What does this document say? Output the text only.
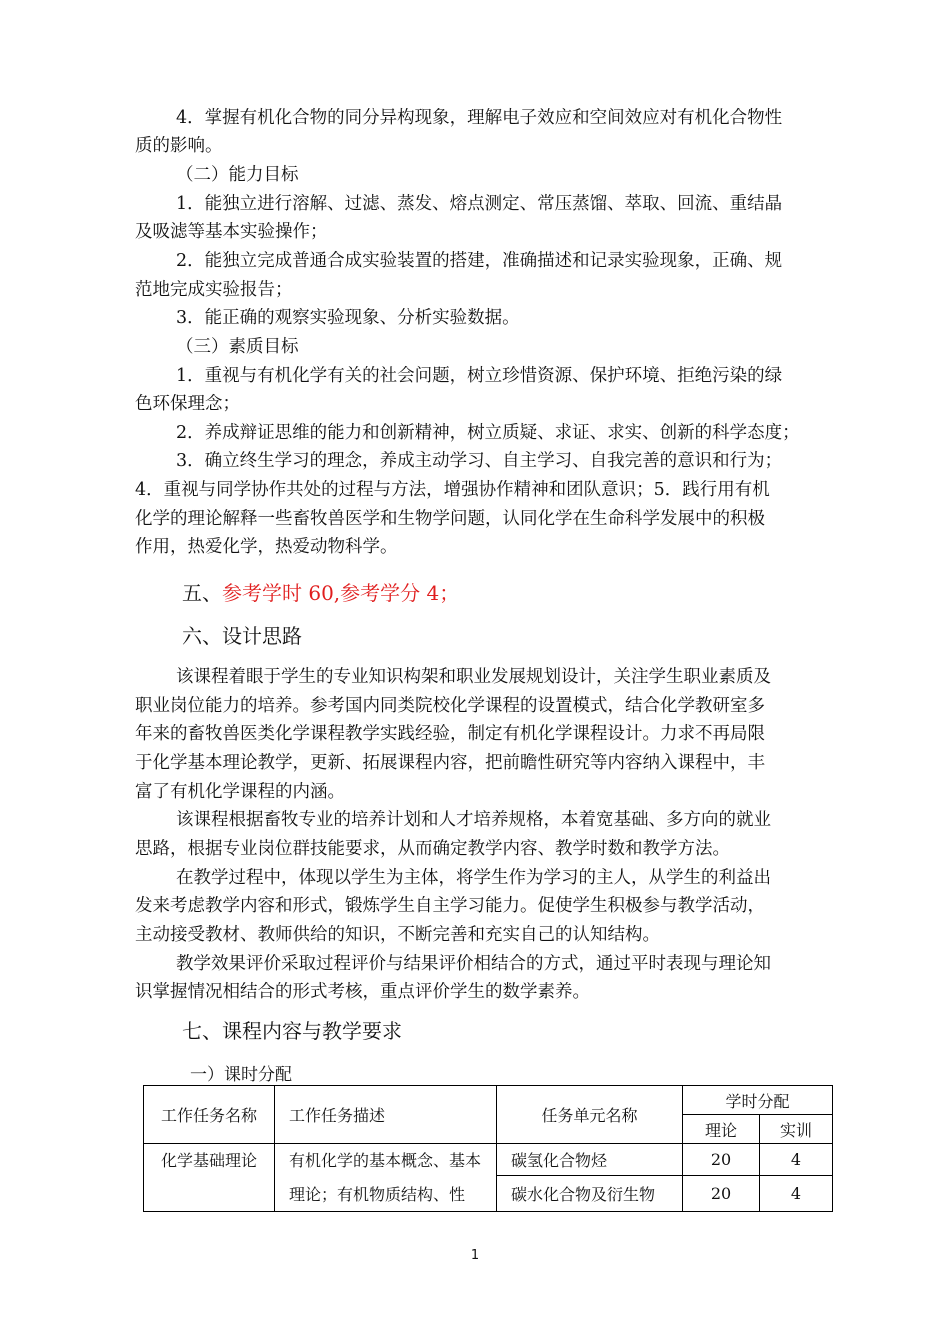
4．掌握有机化合物的同分异构现象，理解电子效应和空间效应对有机化合物性
质的影响。
（二）能力目标
1．能独立进行溶解、过滤、蒸发、熔点测定、常压蒸馏、萃取、回流、重结晶
及吸滤等基本实验操作；
2．能独立完成普通合成实验装置的搭建，准确描述和记录实验现象，正确、规
范地完成实验报告；
3．能正确的观察实验现象、分析实验数据。
（三）素质目标
1．重视与有机化学有关的社会问题，树立珍惜资源、保护环境、拒绝污染的绿
色环保理念；
2．养成辩证思维的能力和创新精神，树立质疑、求证、求实、创新的科学态度；
3．确立终生学习的理念，养成主动学习、自主学习、自我完善的意识和行为；
4．重视与同学协作共处的过程与方法，增强协作精神和团队意识；5．践行用有机
化学的理论解释一些畜牧兽医学和生物学问题，认同化学在生命科学发展中的积极
作用，热爱化学，热爱动物科学。
五、参考学时 60,参考学分 4；
六、设计思路
该课程着眼于学生的专业知识构架和职业发展规划设计，关注学生职业素质及
职业岗位能力的培养。参考国内同类院校化学课程的设置模式，结合化学教研室多
年来的畜牧兽医类化学课程教学实践经验，制定有机化学课程设计。力求不再局限
于化学基本理论教学，更新、拓展课程内容，把前瞻性研究等内容纳入课程中，丰
富了有机化学课程的内涵。
该课程根据畜牧专业的培养计划和人才培养规格，本着宽基础、多方向的就业
思路，根据专业岗位群技能要求，从而确定教学内容、教学时数和教学方法。
在教学过程中，体现以学生为主体，将学生作为学习的主人，从学生的利益出
发来考虑教学内容和形式，锻炼学生自主学习能力。促使学生积极参与教学活动，
主动接受教材、教师供给的知识，不断完善和充实自己的认知结构。
教学效果评价采取过程评价与结果评价相结合的方式，通过平时表现与理论知
识掌握情况相结合的形式考核，重点评价学生的数学素养。
七、课程内容与教学要求
一）课时分配
工作任务名称	工作任务描述	任务单元名称	学时分配	
			理论	实训
化学基础理论	有机化学的基本概念、基本	碳氢化合物烃	20	4
	理论；有机物质结构、性	碳水化合物及衍生物	20	4
1
